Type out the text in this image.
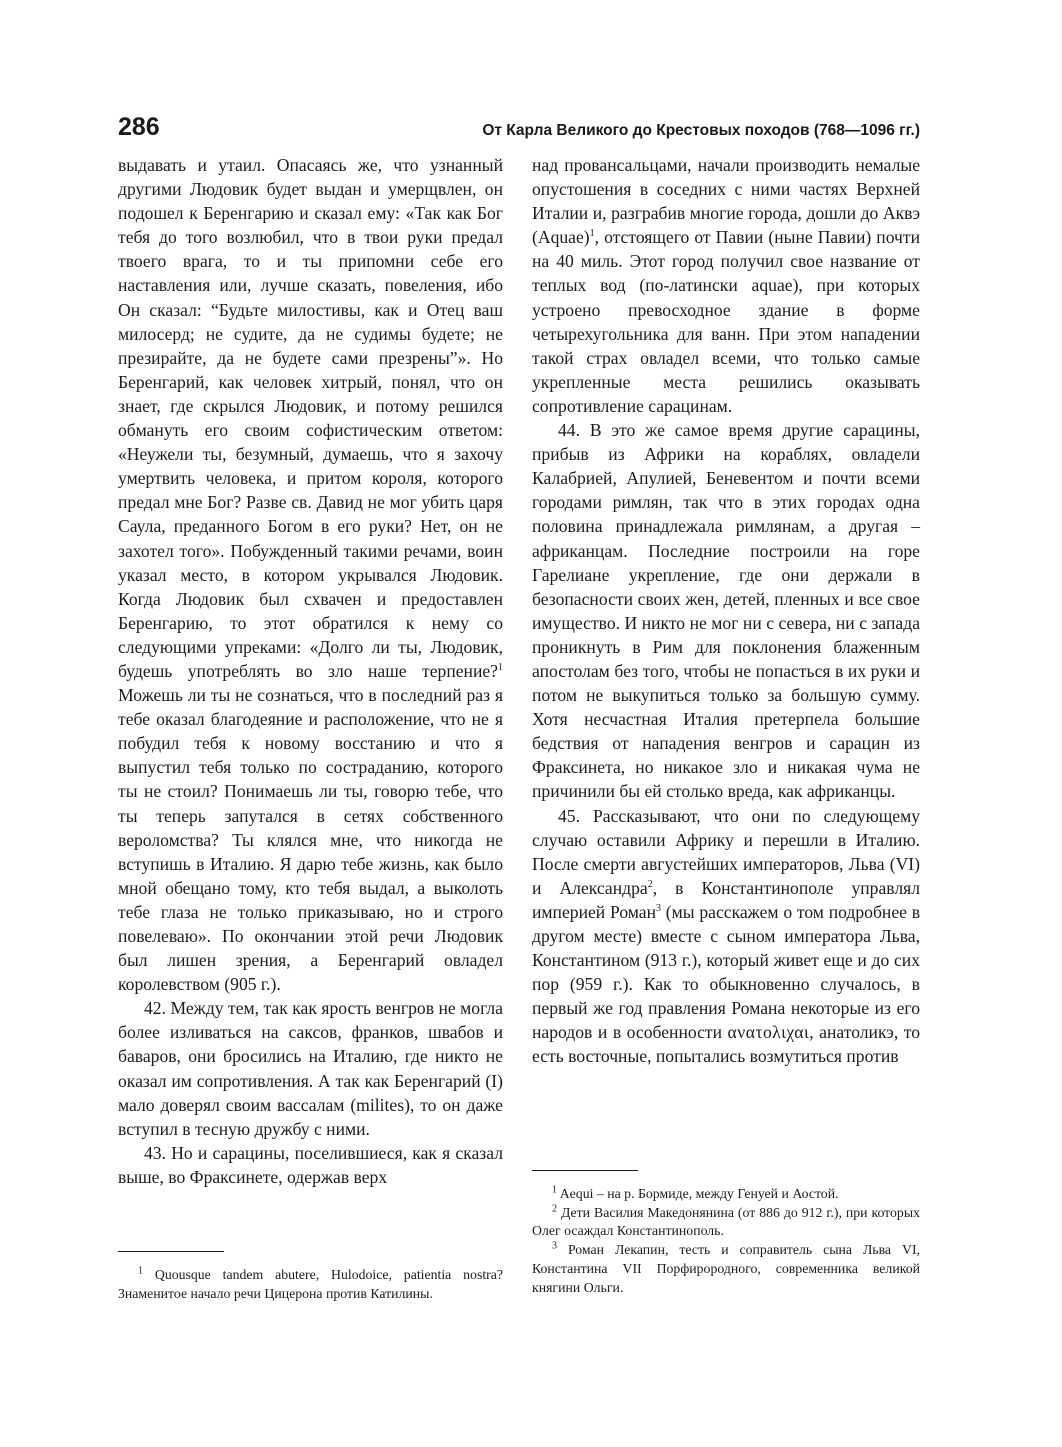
286	От Карла Великого до Крестовых походов (768—1096 гг.)

выдавать и утаил. Опасаясь же, что узнанный другими Людовик будет выдан и умерщвлен, он подошел к Беренгарию и сказал ему: «Так как Бог тебя до того возлюбил, что в твои руки предал твоего врага, то и ты припомни себе его наставления или, лучше сказать, повеления, ибо Он сказал: “Будьте милостивы, как и Отец ваш милосерд; не судите, да не судимы будете; не презирайте, да не будете сами презрены”». Но Беренгарий, как человек хитрый, понял, что он знает, где скрылся Людовик, и потому решился обмануть его своим софистическим ответом: «Неужели ты, безумный, думаешь, что я захочу умертвить человека, и притом короля, которого предал мне Бог? Разве св. Давид не мог убить царя Саула, преданного Богом в его руки? Нет, он не захотел того». Побужденный такими речами, воин указал место, в котором укрывался Людовик. Когда Людовик был схвачен и предоставлен Беренгарию, то этот обратился к нему со следующими упреками: «Долго ли ты, Людовик, будешь употреблять во зло наше терпение?$^1$ Можешь ли ты не сознаться, что в последний раз я тебе оказал благодеяние и расположение, что не я побудил тебя к новому восстанию и что я выпустил тебя только по состраданию, которого ты не стоил? Понимаешь ли ты, говорю тебе, что ты теперь запутался в сетях собственного вероломства? Ты клялся мне, что никогда не вступишь в Италию. Я дарю тебе жизнь, как было мной обещано тому, кто тебя выдал, а выколоть тебе глаза не только приказываю, но и строго повелеваю». По окончании этой речи Людовик был лишен зрения, а Беренгарий овладел королевством (905 г.).

42. Между тем, так как ярость венгров не могла более изливаться на саксов, франков, швабов и баваров, они бросились на Италию, где никто не оказал им сопротивления. А так как Беренгарий (I) мало доверял своим вассалам (milites), то он даже вступил в тесную дружбу с ними.

43. Но и сарацины, поселившиеся, как я сказал выше, во Фраксинете, одержав верх

$^1$ Quousque tandem abutere, Hulodoice, patientia nostra? Знаменитое начало речи Цицерона против Катилины.

над провансальцами, начали производить немалые опустошения в соседних с ними частях Верхней Италии и, разграбив многие города, дошли до Аквэ (Aquae)$^1$, отстоящего от Павии (ныне Павии) почти на 40 миль. Этот город получил свое название от теплых вод (по-латински aquae), при которых устроено превосходное здание в форме четырехугольника для ванн. При этом нападении такой страх овладел всеми, что только самые укрепленные места решились оказывать сопротивление сарацинам.

44. В это же самое время другие сарацины, прибыв из Африки на кораблях, овладели Калабрией, Апулией, Беневентом и почти всеми городами римлян, так что в этих городах одна половина принадлежала римлянам, а другая – африканцам. Последние построили на горе Гарелиане укрепление, где они держали в безопасности своих жен, детей, пленных и все свое имущество. И никто не мог ни с севера, ни с запада проникнуть в Рим для поклонения блаженным апостолам без того, чтобы не попасться в их руки и потом не выкупиться только за большую сумму. Хотя несчастная Италия претерпела большие бедствия от нападения венгров и сарацин из Фраксинета, но никакое зло и никакая чума не причинили бы ей столько вреда, как африканцы.

45. Рассказывают, что они по следующему случаю оставили Африку и перешли в Италию. После смерти августейших императоров, Льва (VI) и Александра$^2$, в Константинополе управлял империей Роман$^3$ (мы расскажем о том подробнее в другом месте) вместе с сыном императора Льва, Константином (913 г.), который живет еще и до сих пор (959 г.). Как то обыкновенно случалось, в первый же год правления Романа некоторые из его народов и в особенности ανατολιχαι, анатоликэ, то есть восточные, попытались возмутиться против

$^1$ Aequi – на р. Бормиде, между Генуей и Аостой.

$^2$ Дети Василия Македонянина (от 886 до 912 г.), при которых Олег осаждал Константинополь.

$^3$ Роман Лекапин, тесть и соправитель сына Льва VI, Константина VII Порфирородного, современника великой княгини Ольги.
